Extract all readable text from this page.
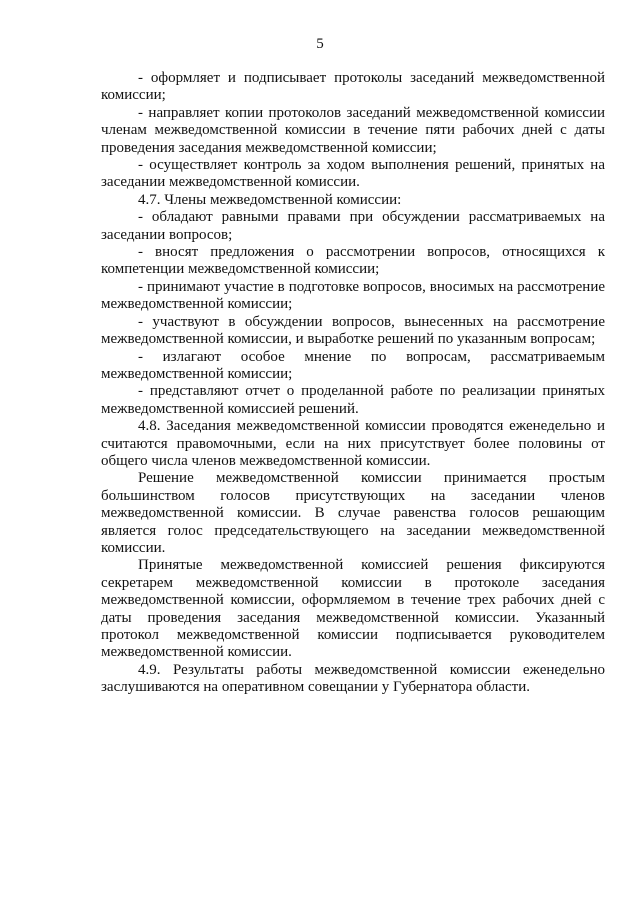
5

- оформляет и подписывает протоколы заседаний межведомственной комиссии;

- направляет копии протоколов заседаний межведомственной комиссии членам межведомственной комиссии в течение пяти рабочих дней с даты проведения заседания межведомственной комиссии;

- осуществляет контроль за ходом выполнения решений, принятых на заседании межведомственной комиссии.

4.7. Члены межведомственной комиссии:

- обладают равными правами при обсуждении рассматриваемых на заседании вопросов;

- вносят предложения о рассмотрении вопросов, относящихся к компетенции межведомственной комиссии;

- принимают участие в подготовке вопросов, вносимых на рассмотрение межведомственной комиссии;

- участвуют в обсуждении вопросов, вынесенных на рассмотрение межведомственной комиссии, и выработке решений по указанным вопросам;

- излагают особое мнение по вопросам, рассматриваемым межведомственной комиссии;

- представляют отчет о проделанной работе по реализации принятых межведомственной комиссией решений.

4.8. Заседания межведомственной комиссии проводятся еженедельно и считаются правомочными, если на них присутствует более половины от общего числа членов межведомственной комиссии.

Решение межведомственной комиссии принимается простым большинством голосов присутствующих на заседании членов межведомственной комиссии. В случае равенства голосов решающим является голос председательствующего на заседании межведомственной комиссии.

Принятые межведомственной комиссией решения фиксируются секретарем межведомственной комиссии в протоколе заседания межведомственной комиссии, оформляемом в течение трех рабочих дней с даты проведения заседания межведомственной комиссии. Указанный протокол межведомственной комиссии подписывается руководителем межведомственной комиссии.

4.9. Результаты работы межведомственной комиссии еженедельно заслушиваются на оперативном совещании у Губернатора области.
